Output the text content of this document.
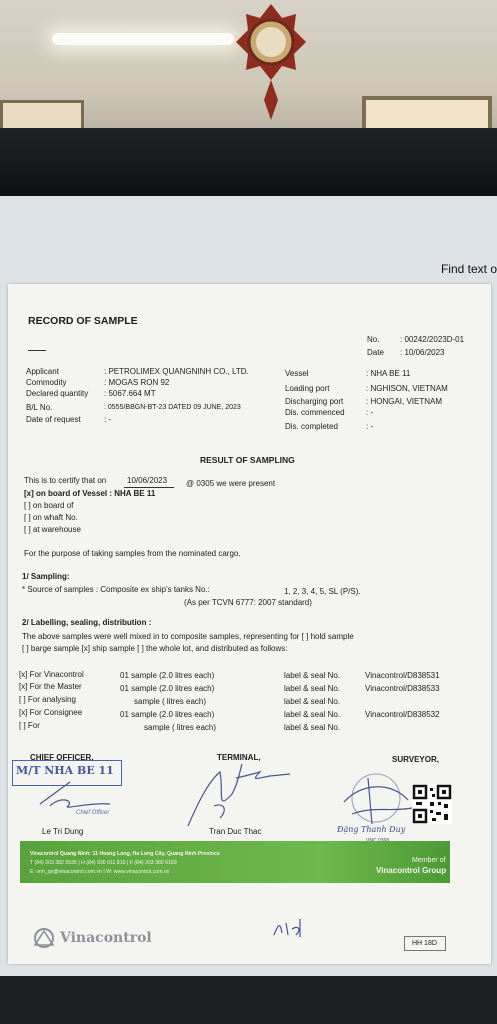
Find text o
RECORD OF SAMPLE
No.	: 00242/2023D-01
Date : 10/06/2023
Applicant	: PETROLIMEX QUANGNINH CO., LTD.
Commodity	: MOGAS RON 92
Declared quantity : 5067.664 MT
B/L No.	: 0555/BBGN-BT-23 DATED 09 JUNE, 2023
Date of request	: -
Vessel	: NHA BE 11
Loading port	: NGHISON, VIETNAM
Discharging port	: HONGAI, VIETNAM
Dis. commenced	: -
Dis. completed	: -
RESULT OF SAMPLING
This is to certify that on	10/06/2023 @ 0305 we were present
[x] on board of Vessel : NHA BE 11
[ ] on board of
[ ] on whaft No.
[ ] at warehouse
For the purpose of taking samples from the nominated cargo.
1/ Sampling:
* Source of samples : Composite ex ship's tanks No.:	1, 2, 3, 4, 5, SL (P/S).
(As per TCVN 6777: 2007 standard)
2/ Labelling, sealing, distribution :
The above samples were well mixed in to composite samples, representing for [ ] hold sample
[ ] barge sample [x] ship sample [ ] the whole lot, and distributed as follows:
[x] For Vinacontrol	01 sample (2.0 litres each)	label & seal No.	Vinacontrol/D838531
[x] For the Master	01 sample (2.0 litres each)	label & seal No.	Vinacontrol/D838533
[ ] For analysing	sample ( litres each)	label & seal No.
[x] For Consignee	01 sample (2.0 litres each)	label & seal No.	Vinacontrol/D838532
[ ] For	sample ( litres each)	label & seal No.
CHIEF OFFICER,	TERMINAL,	SURVEYOR,
M/T NHA BE 11
Chief Officer
Le Tri Dung	Tran Duc Thac	Đặng Thanh Duy
Vinacontrol Quang Ninh: 11 Hoang Long, Ha Long City, Quang Ninh Province
T (84) 203 382 5535 | H (84) 936 011 815 | F (84) 203 382 6169
E: vnh_qn@vinacontrol.com.vn | W: www.vinacontrol.com.vn
Member of
Vinacontrol Group
Vinacontrol	HH 18D
